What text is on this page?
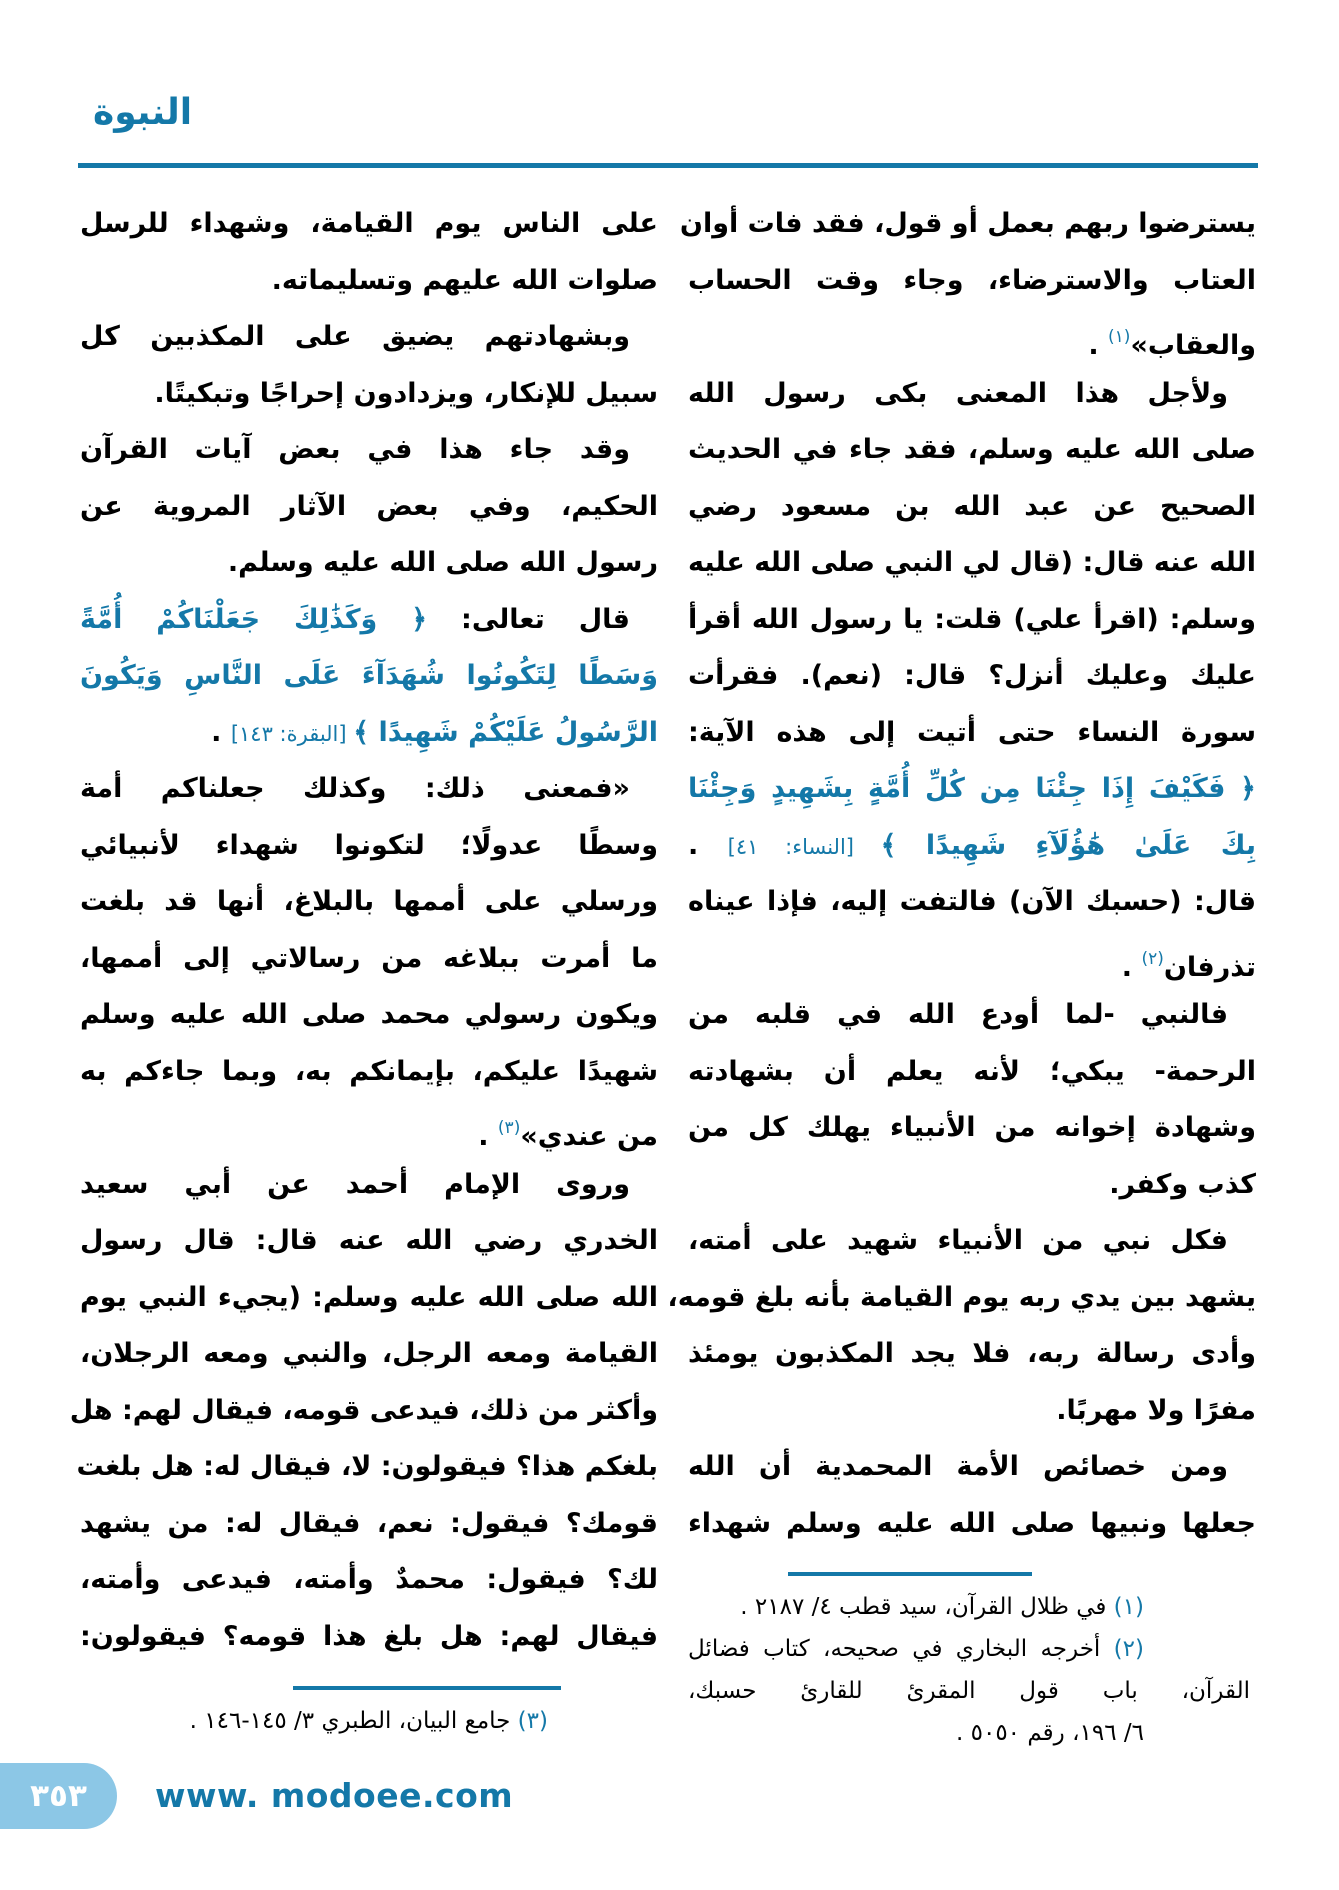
النبوة
يسترضوا ربهم بعمل أو قول، فقد فات أوان
العتاب والاسترضاء، وجاء وقت الحساب
والعقاب»$^{(١)}$ .
ولأجل هذا المعنى بكى رسول الله
صلى الله عليه وسلم، فقد جاء في الحديث
الصحيح عن عبد الله بن مسعود رضي
الله عنه قال: (قال لي النبي صلى الله عليه
وسلم: (اقرأ علي) قلت: يا رسول الله أقرأ
عليك وعليك أنزل؟ قال: (نعم). فقرأت
سورة النساء حتى أتيت إلى هذه الآية:
﴿ فَكَيْفَ إِذَا جِئْنَا مِن كُلِّ أُمَّةٍ بِشَهِيدٍ وَجِئْنَا
بِكَ عَلَىٰ هَٰؤُلَآءِ شَهِيدًا ﴾ [النساء: ٤١] .
قال: (حسبك الآن) فالتفت إليه، فإذا عيناه
تذرفان$^{(٢)}$ .
فالنبي -لما أودع الله في قلبه من
الرحمة- يبكي؛ لأنه يعلم أن بشهادته
وشهادة إخوانه من الأنبياء يهلك كل من
كذب وكفر.
فكل نبي من الأنبياء شهيد على أمته،
يشهد بين يدي ربه يوم القيامة بأنه بلغ قومه،
وأدى رسالة ربه، فلا يجد المكذبون يومئذ
مفرًا ولا مهربًا.
ومن خصائص الأمة المحمدية أن الله
جعلها ونبيها صلى الله عليه وسلم شهداء
على الناس يوم القيامة، وشهداء للرسل
صلوات الله عليهم وتسليماته.
وبشهادتهم يضيق على المكذبين كل
سبيل للإنكار، ويزدادون إحراجًا وتبكيتًا.
وقد جاء هذا في بعض آيات القرآن
الحكيم، وفي بعض الآثار المروية عن
رسول الله صلى الله عليه وسلم.
قال تعالى: ﴿ وَكَذَٰلِكَ جَعَلْنَاكُمْ أُمَّةً
وَسَطًا لِتَكُونُوا شُهَدَآءَ عَلَى النَّاسِ وَيَكُونَ
الرَّسُولُ عَلَيْكُمْ شَهِيدًا ﴾ [البقرة: ١٤٣] .
«فمعنى ذلك: وكذلك جعلناكم أمة
وسطًا عدولًا؛ لتكونوا شهداء لأنبيائي
ورسلي على أممها بالبلاغ، أنها قد بلغت
ما أمرت ببلاغه من رسالاتي إلى أممها،
ويكون رسولي محمد صلى الله عليه وسلم
شهيدًا عليكم، بإيمانكم به، وبما جاءكم به
من عندي»$^{(٣)}$ .
وروى الإمام أحمد عن أبي سعيد
الخدري رضي الله عنه قال: قال رسول
الله صلى الله عليه وسلم: (يجيء النبي يوم
القيامة ومعه الرجل، والنبي ومعه الرجلان،
وأكثر من ذلك، فيدعى قومه، فيقال لهم: هل
بلغكم هذا؟ فيقولون: لا، فيقال له: هل بلغت
قومك؟ فيقول: نعم، فيقال له: من يشهد
لك؟ فيقول: محمدٌ وأمته، فيدعى وأمته،
فيقال لهم: هل بلغ هذا قومه؟ فيقولون:
(١) في ظلال القرآن، سيد قطب ٤/ ٢١٨٧ .
(٢) أخرجه البخاري في صحيحه، كتاب فضائل
القرآن، باب قول المقرئ للقارئ حسبك،
٦/ ١٩٦، رقم ٥٠٥٠ .
(٣) جامع البيان، الطبري ٣/ ١٤٥-١٤٦ .
٣٥٣ www. modoee.com
